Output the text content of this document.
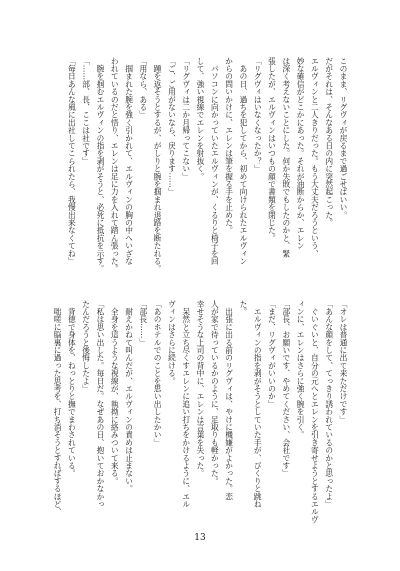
このまま、リグヴィが戻るまで過ごせばいい。
だがそれは、そんなある日の内に突然起こった。
エルヴィンと二人きりだった。もう大丈夫だろうという、
妙な確信がどこかにあった。それが油断からか、エレン
は深く考えないことにした。何か失敗でもしたのかと、緊
張したが、エルヴィンはいつもの顔で書類を閉じた。
「リグヴィはいなくなったか？」
　あの日、過ちを犯してから、初めて向けられたエルヴィン
からの問いかけに、エレンは筆を握る手を止めた。
　パソコンに向かっていたエルヴィンが、くるりと椅子を回
して、強い視線でエレンを射抜く。
「リグヴィは二か月帰ってこない」
「ご、ご用がないなら、戻ります……」
　踵を返そうとするが、がしりと腕を掴まれ退路を断たれる。
「用なら、ある」
　掴まれた腕を強く引かれて、エルヴィンの胸の中へいざな
われているのだと悟り、エレンは足に力を入れて踏ん張った。
　腕を掴むエルヴィンの指を剥がそうと、必死に抵抗を示す。
「……部、長、ここは社です」
「毎日あんな風に出社してこられたら、我慢出来なくてね」
「オレは普通に出て来ただけです」
「あんな顔をして、てっきり誘われているのかと思ったよ」
　ぐいぐいと、自分の元へとエレンを引き寄せようとするエルヴ
ィンに、エレンはさらに強く腕を引く。
「部長、お願いです、やめてください、会社です」
「まだ、リグヴィがいいのか」
　エルヴィンの指を剥がそうとしていた手が、びくりと跳ね
た。
　出張に出る前のリグヴィは、やけに機嫌がよかった。恋
人が家で待っているかのように、足取りも軽かった。
幸せそうな上司の背中に、エレンは言葉を失った。
　呆然と立ち尽くすエレンに追い打ちをかけるように、エル
ヴィンはさらに続ける。
「あのホテルでのことを思い出したかい」
「部長……」
　耐えかねて叫んだが、エルヴィンの責めは止まない。
　全身を這うような視線が、執拗に絡みついて来る。
「私は思い出した。毎日だ。なぜあの日、抱いておかなかっ
たんだろうと後悔したよ」
　背徳で身体を、ねっとりと撫でまわされている。
　咄嗟に脳裏に過った思考を、打ち消そうとすればするほど、
13
